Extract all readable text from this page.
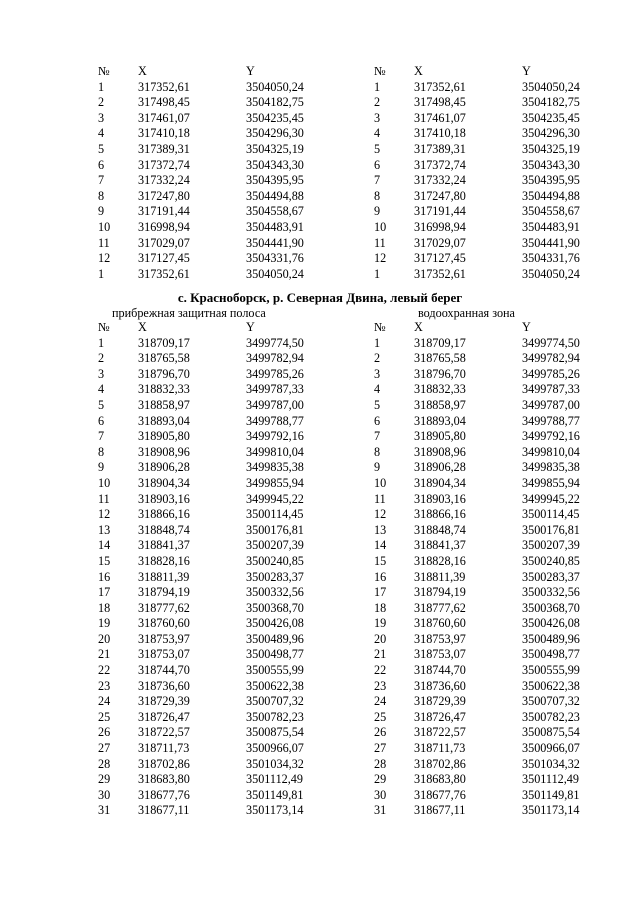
№	X	Y
1	317352,61	3504050,24
2	317498,45	3504182,75
3	317461,07	3504235,45
4	317410,18	3504296,30
5	317389,31	3504325,19
6	317372,74	3504343,30
7	317332,24	3504395,95
8	317247,80	3504494,88
9	317191,44	3504558,67
10	316998,94	3504483,91
11	317029,07	3504441,90
12	317127,45	3504331,76
1	317352,61	3504050,24
№	X	Y
1	317352,61	3504050,24
2	317498,45	3504182,75
3	317461,07	3504235,45
4	317410,18	3504296,30
5	317389,31	3504325,19
6	317372,74	3504343,30
7	317332,24	3504395,95
8	317247,80	3504494,88
9	317191,44	3504558,67
10	316998,94	3504483,91
11	317029,07	3504441,90
12	317127,45	3504331,76
1	317352,61	3504050,24
с. Красноборск, р. Северная Двина, левый берег
прибрежная защитная полоса	водоохранная зона
№	X	Y
1	318709,17	3499774,50
2	318765,58	3499782,94
3	318796,70	3499785,26
4	318832,33	3499787,33
5	318858,97	3499787,00
6	318893,04	3499788,77
7	318905,80	3499792,16
8	318908,96	3499810,04
9	318906,28	3499835,38
10	318904,34	3499855,94
11	318903,16	3499945,22
12	318866,16	3500114,45
13	318848,74	3500176,81
14	318841,37	3500207,39
15	318828,16	3500240,85
16	318811,39	3500283,37
17	318794,19	3500332,56
18	318777,62	3500368,70
19	318760,60	3500426,08
20	318753,97	3500489,96
21	318753,07	3500498,77
22	318744,70	3500555,99
23	318736,60	3500622,38
24	318729,39	3500707,32
25	318726,47	3500782,23
26	318722,57	3500875,54
27	318711,73	3500966,07
28	318702,86	3501034,32
29	318683,80	3501112,49
30	318677,76	3501149,81
31	318677,11	3501173,14
№	X	Y
1	318709,17	3499774,50
2	318765,58	3499782,94
3	318796,70	3499785,26
4	318832,33	3499787,33
5	318858,97	3499787,00
6	318893,04	3499788,77
7	318905,80	3499792,16
8	318908,96	3499810,04
9	318906,28	3499835,38
10	318904,34	3499855,94
11	318903,16	3499945,22
12	318866,16	3500114,45
13	318848,74	3500176,81
14	318841,37	3500207,39
15	318828,16	3500240,85
16	318811,39	3500283,37
17	318794,19	3500332,56
18	318777,62	3500368,70
19	318760,60	3500426,08
20	318753,97	3500489,96
21	318753,07	3500498,77
22	318744,70	3500555,99
23	318736,60	3500622,38
24	318729,39	3500707,32
25	318726,47	3500782,23
26	318722,57	3500875,54
27	318711,73	3500966,07
28	318702,86	3501034,32
29	318683,80	3501112,49
30	318677,76	3501149,81
31	318677,11	3501173,14
